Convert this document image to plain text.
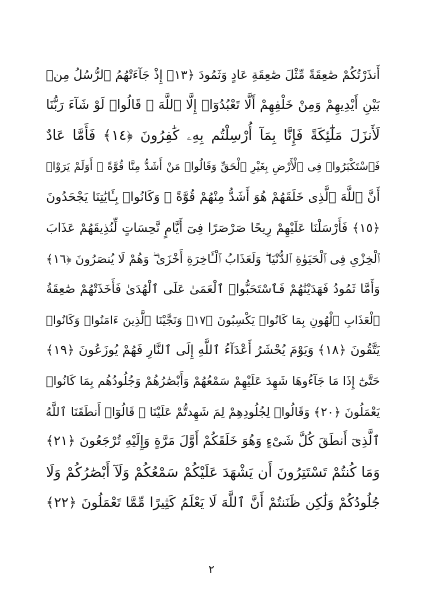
أَنذَرْتُكُمْ صَٰعِقَةً مِّثْلَ صَٰعِقَةِ عَادٍ وَثَمُودَ ﴿١٣﴾ إِذْ جَآءَتْهُمُ ٱلرُّسُلُ مِنۢ
بَيْنِ أَيْدِيهِمْ وَمِنْ خَلْفِهِمْ أَلَّا تَعْبُدُوٓا۟ إِلَّا ٱللَّهَ ۖ قَالُوا۟ لَوْ شَآءَ رَبُّنَا
لَأَنزَلَ مَلَٰٓئِكَةً فَإِنَّا بِمَآ أُرْسِلْتُم بِهِۦ كَٰفِرُونَ ﴿١٤﴾ فَأَمَّا عَادٌ
فَٱسْتَكْبَرُوا۟ فِى ٱلْأَرْضِ بِغَيْرِ ٱلْحَقِّ وَقَالُوا۟ مَنْ أَشَدُّ مِنَّا قُوَّةً ۖ أَوَلَمْ يَرَوْا۟
أَنَّ ٱللَّهَ ٱلَّذِى خَلَقَهُمْ هُوَ أَشَدُّ مِنْهُمْ قُوَّةً ۖ وَكَانُوا۟ بِـَٔايَٰتِنَا يَجْحَدُونَ
﴿١٥﴾ فَأَرْسَلْنَا عَلَيْهِمْ رِيحًا صَرْصَرًا فِىٓ أَيَّامٍ نَّحِسَاتٍ لِّنُذِيقَهُمْ عَذَابَ
ٱلْخِزْىِ فِى ٱلْحَيَوٰةِ ٱلدُّنْيَا ۖ وَلَعَذَابُ ٱلْـَٔاخِرَةِ أَخْزَىٰ ۖ وَهُمْ لَا يُنصَرُونَ ﴿١٦﴾
وَأَمَّا ثَمُودُ فَهَدَيْنَٰهُمْ فَٱسْتَحَبُّوا۟ ٱلْعَمَىٰ عَلَى ٱلْهُدَىٰ فَأَخَذَتْهُمْ صَٰعِقَةُ
ٱلْعَذَابِ ٱلْهُونِ بِمَا كَانُوا۟ يَكْسِبُونَ ﴿١٧﴾ وَنَجَّيْنَا ٱلَّذِينَ ءَامَنُوا۟ وَكَانُوا۟
يَتَّقُونَ ﴿١٨﴾ وَيَوْمَ يُحْشَرُ أَعْدَآءُ ٱللَّهِ إِلَى ٱلنَّارِ فَهُمْ يُوزَعُونَ ﴿١٩﴾
حَتَّىٰٓ إِذَا مَا جَآءُوهَا شَهِدَ عَلَيْهِمْ سَمْعُهُمْ وَأَبْصَٰرُهُمْ وَجُلُودُهُم بِمَا كَانُوا۟
يَعْمَلُونَ ﴿٢٠﴾ وَقَالُوا۟ لِجُلُودِهِمْ لِمَ شَهِدتُّمْ عَلَيْنَا ۖ قَالُوٓا۟ أَنطَقَنَا ٱللَّهُ
ٱلَّذِىٓ أَنطَقَ كُلَّ شَىْءٍ وَهُوَ خَلَقَكُمْ أَوَّلَ مَرَّةٍ وَإِلَيْهِ تُرْجَعُونَ ﴿٢١﴾
وَمَا كُنتُمْ تَسْتَتِرُونَ أَن يَشْهَدَ عَلَيْكُمْ سَمْعُكُمْ وَلَآ أَبْصَٰرُكُمْ وَلَا
جُلُودُكُمْ وَلَٰكِن ظَنَنتُمْ أَنَّ ٱللَّهَ لَا يَعْلَمُ كَثِيرًا مِّمَّا تَعْمَلُونَ ﴿٢٢﴾
٢
